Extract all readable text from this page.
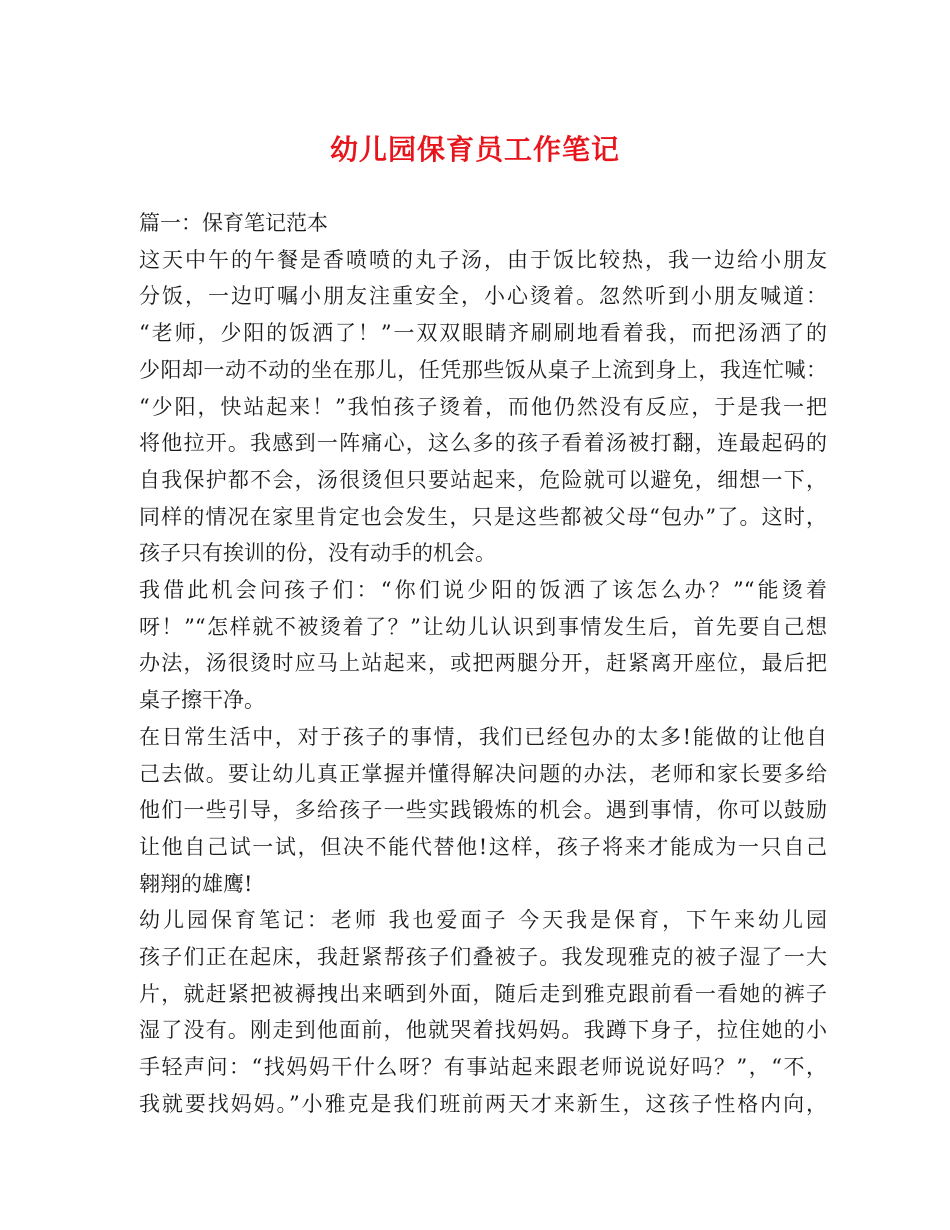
幼儿园保育员工作笔记
篇一：保育笔记范本
这天中午的午餐是香喷喷的丸子汤，由于饭比较热，我一边给小朋友
分饭，一边叮嘱小朋友注重安全，小心烫着。忽然听到小朋友喊道：
“老师，少阳的饭洒了！”一双双眼睛齐刷刷地看着我，而把汤洒了的
少阳却一动不动的坐在那儿，任凭那些饭从桌子上流到身上，我连忙喊：
“少阳，快站起来！”我怕孩子烫着，而他仍然没有反应，于是我一把
将他拉开。我感到一阵痛心，这么多的孩子看着汤被打翻，连最起码的
自我保护都不会，汤很烫但只要站起来，危险就可以避免，细想一下，
同样的情况在家里肯定也会发生，只是这些都被父母“包办”了。这时，
孩子只有挨训的份，没有动手的机会。
我借此机会问孩子们：“你们说少阳的饭洒了该怎么办？”“能烫着
呀！”“怎样就不被烫着了？”让幼儿认识到事情发生后，首先要自己想
办法，汤很烫时应马上站起来，或把两腿分开，赶紧离开座位，最后把
桌子擦干净。
在日常生活中，对于孩子的事情，我们已经包办的太多!能做的让他自
己去做。要让幼儿真正掌握并懂得解决问题的办法，老师和家长要多给
他们一些引导，多给孩子一些实践锻炼的机会。遇到事情，你可以鼓励
让他自己试一试，但决不能代替他!这样，孩子将来才能成为一只自己
翱翔的雄鹰!
幼儿园保育笔记：老师 我也爱面子 今天我是保育，下午来幼儿园
孩子们正在起床，我赶紧帮孩子们叠被子。我发现雅克的被子湿了一大
片，就赶紧把被褥拽出来晒到外面，随后走到雅克跟前看一看她的裤子
湿了没有。刚走到他面前，他就哭着找妈妈。我蹲下身子，拉住她的小
手轻声问：“找妈妈干什么呀？有事站起来跟老师说说好吗？”，“不，
我就要找妈妈。”小雅克是我们班前两天才来新生，这孩子性格内向，
